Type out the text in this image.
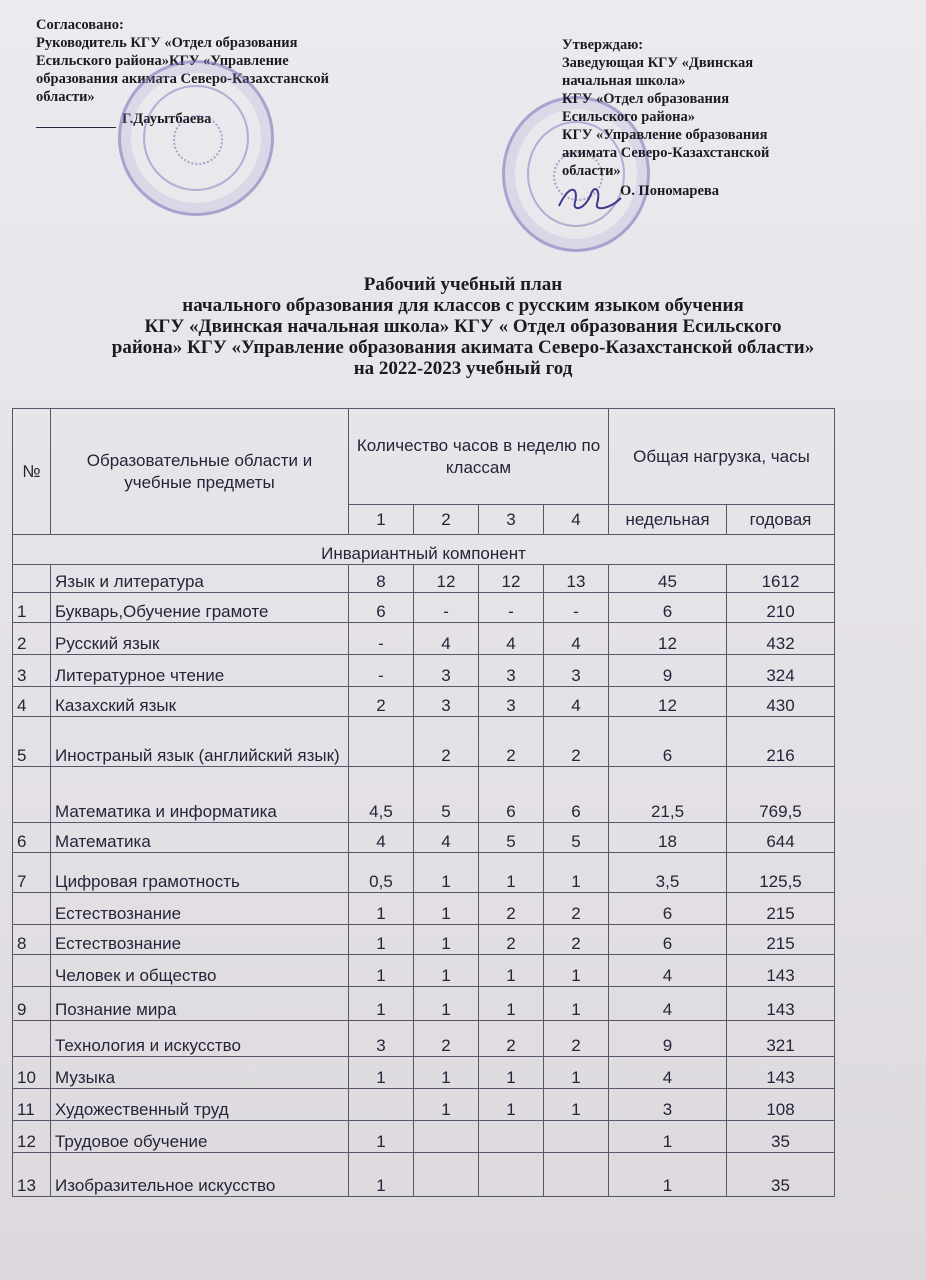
Согласовано:
Руководитель КГУ «Отдел образования
Есильского района»КГУ «Управление
образования акимата Северо-Казахстанской
области»
Г.Дауытбаева
Утверждаю:
Заведующая КГУ «Двинская
начальная школа»
КГУ «Отдел образования
Есильского района»
КГУ «Управление образования
акимата Северо-Казахстанской
области»
О. Пономарева
Рабочий учебный план
начального образования для классов с русским языком обучения
КГУ «Двинская начальная школа» КГУ « Отдел образования Есильского
района» КГУ «Управление образования акимата Северо-Казахстанской области»
на 2022-2023 учебный год
№	Образовательные области и учебные предметы	Количество часов в неделю по классам				Общая нагрузка, часы	
		1	2	3	4	недельная	годовая
Инвариантный компонент							
	Язык и литература	8	12	12	13	45	1612
1	Букварь,Обучение грамоте	6	-	-	-	6	210
2	Русский язык	-	4	4	4	12	432
3	Литературное чтение	-	3	3	3	9	324
4	Казахский язык	2	3	3	4	12	430
5	Иностраный язык (английский язык)		2	2	2	6	216
	Математика и информатика	4,5	5	6	6	21,5	769,5
6	Математика	4	4	5	5	18	644
7	Цифровая грамотность	0,5	1	1	1	3,5	125,5
	Естествознание	1	1	2	2	6	215
8	Естествознание	1	1	2	2	6	215
	Человек и общество	1	1	1	1	4	143
9	Познание мира	1	1	1	1	4	143
	Технология и искусство	3	2	2	2	9	321
10	Музыка	1	1	1	1	4	143
11	Художественный труд		1	1	1	3	108
12	Трудовое обучение	1				1	35
13	Изобразительное искусство	1				1	35
